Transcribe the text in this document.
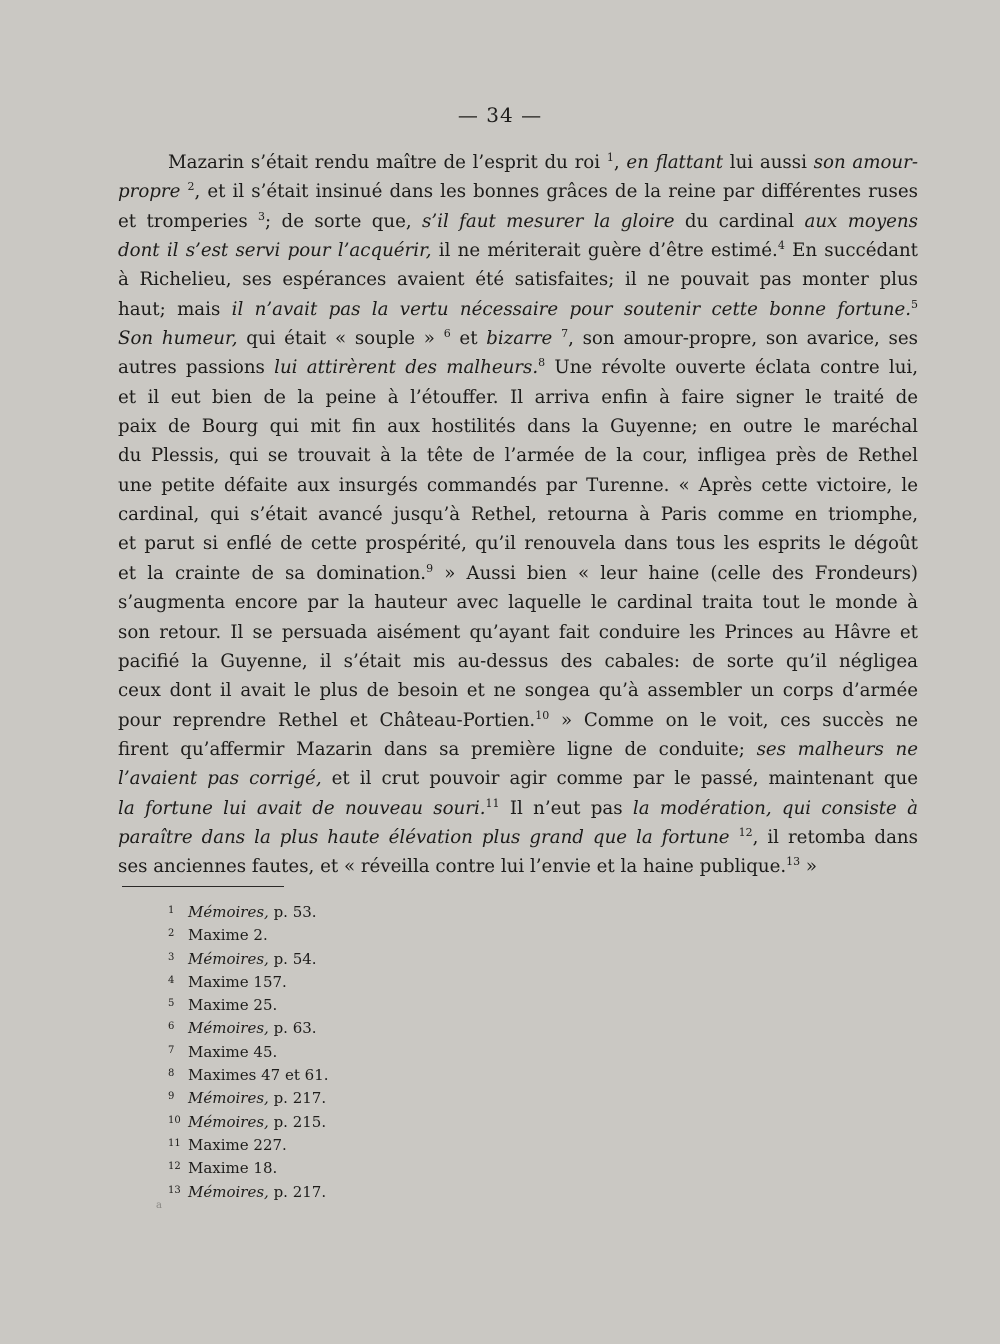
— 34 —
Mazarin s’était rendu maître de l’esprit du roi $^1$, en flattant lui aussi son amour-
propre $^2$, et il s’était insinué dans les bonnes grâces de la reine par différentes ruses
et tromperies $^3$; de sorte que, s’il faut mesurer la gloire du cardinal aux moyens
dont il s’est servi pour l’acquérir, il ne mériterait guère d’être estimé.$^4$ En succédant
à Richelieu, ses espérances avaient été satisfaites; il ne pouvait pas monter plus
haut; mais il n’avait pas la vertu nécessaire pour soutenir cette bonne fortune.$^5$
Son humeur, qui était « souple » $^6$ et bizarre $^7$, son amour-propre, son avarice, ses
autres passions lui attirèrent des malheurs.$^8$ Une révolte ouverte éclata contre lui,
et il eut bien de la peine à l’étouffer. Il arriva enfin à faire signer le traité de
paix de Bourg qui mit fin aux hostilités dans la Guyenne; en outre le maréchal
du Plessis, qui se trouvait à la tête de l’armée de la cour, infligea près de Rethel
une petite défaite aux insurgés commandés par Turenne. « Après cette victoire, le
cardinal, qui s’était avancé jusqu’à Rethel, retourna à Paris comme en triomphe,
et parut si enflé de cette prospérité, qu’il renouvela dans tous les esprits le dégoût
et la crainte de sa domination.$^9$ » Aussi bien « leur haine (celle des Frondeurs)
s’augmenta encore par la hauteur avec laquelle le cardinal traita tout le monde à
son retour. Il se persuada aisément qu’ayant fait conduire les Princes au Hâvre et
pacifié la Guyenne, il s’était mis au-dessus des cabales: de sorte qu’il négligea
ceux dont il avait le plus de besoin et ne songea qu’à assembler un corps d’armée
pour reprendre Rethel et Château-Portien.$^{10}$ » Comme on le voit, ces succès ne
firent qu’affermir Mazarin dans sa première ligne de conduite; ses malheurs ne
l’avaient pas corrigé, et il crut pouvoir agir comme par le passé, maintenant que
la fortune lui avait de nouveau souri.$^{11}$ Il n’eut pas la modération, qui consiste à
paraître dans la plus haute élévation plus grand que la fortune $^{12}$, il retomba dans
ses anciennes fautes, et « réveilla contre lui l’envie et la haine publique.$^{13}$ »
1 Mémoires, p. 53.
2 Maxime 2.
3 Mémoires, p. 54.
4 Maxime 157.
5 Maxime 25.
6 Mémoires, p. 63.
7 Maxime 45.
8 Maximes 47 et 61.
9 Mémoires, p. 217.
10 Mémoires, p. 215.
11 Maxime 227.
12 Maxime 18.
13 Mémoires, p. 217.
a
